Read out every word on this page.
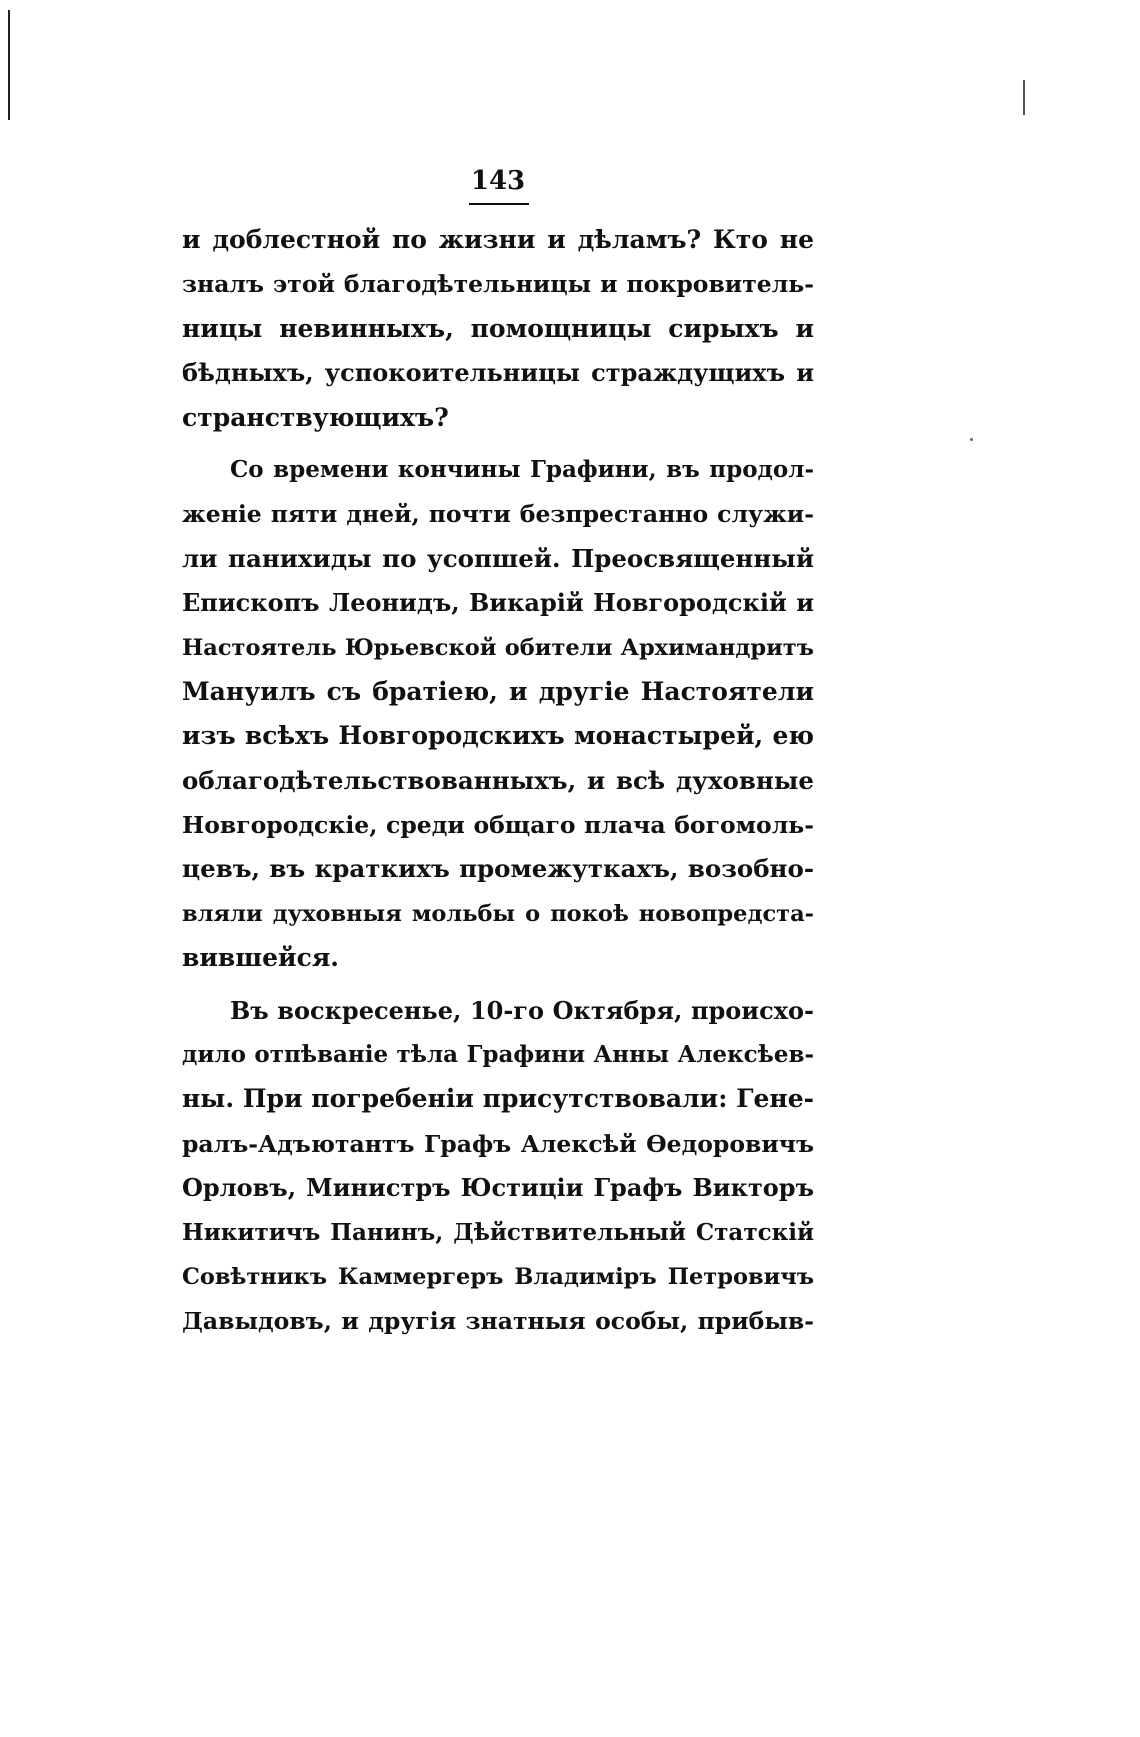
143
и доблестной по жизни и дѣламъ? Кто не
зналъ этой благодѣтельницы и покровитель-
ницы невинныхъ, помощницы сирыхъ и
бѣдныхъ, успокоительницы страждущихъ и
странствующихъ?
Со времени кончины Графини, въ продол-
женіе пяти дней, почти безпрестанно служи-
ли панихиды по усопшей. Преосвященный
Епископъ Леонидъ, Викарій Новгородскій и
Настоятель Юрьевской обители Архимандритъ
Мануилъ съ братіею, и другіе Настоятели
изъ всѣхъ Новгородскихъ монастырей, ею
облагодѣтельствованныхъ, и всѣ духовные
Новгородскіе, среди общаго плача богомоль-
цевъ, въ краткихъ промежуткахъ, возобно-
вляли духовныя мольбы о покоѣ новопредста-
вившейся.
Въ воскресенье, 10-го Октября, происхо-
дило отпѣваніе тѣла Графини Анны Алексѣев-
ны. При погребеніи присутствовали: Гене-
ралъ-Адъютантъ Графъ Алексѣй Ѳедоровичъ
Орловъ, Министръ Юстиціи Графъ Викторъ
Никитичъ Панинъ, Дѣйствительный Статскій
Совѣтникъ Каммергеръ Владиміръ Петровичъ
Давыдовъ, и другія знатныя особы, прибыв-
